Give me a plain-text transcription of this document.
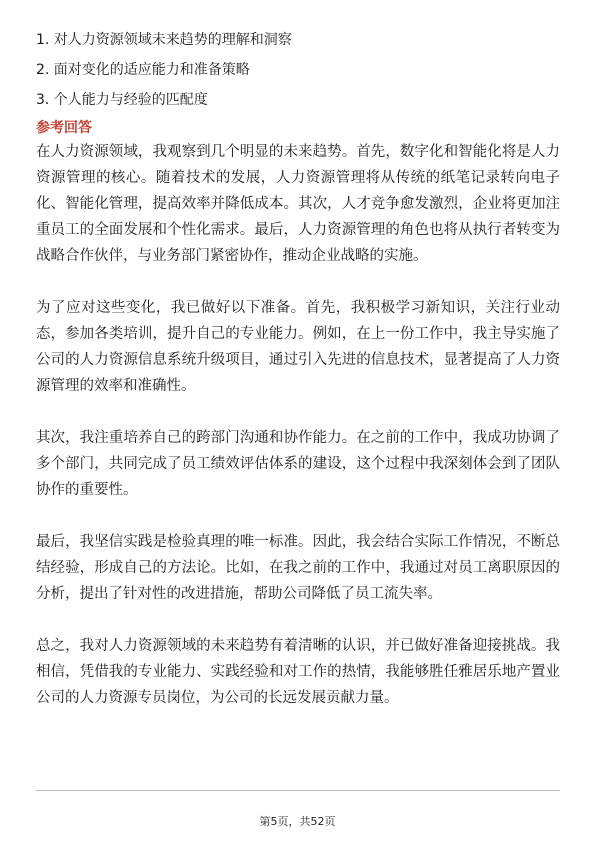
1. 对人力资源领域未来趋势的理解和洞察
2. 面对变化的适应能力和准备策略
3. 个人能力与经验的匹配度
参考回答

在人力资源领域，我观察到几个明显的未来趋势。首先，数字化和智能化将是人力资源管理的核心。随着技术的发展，人力资源管理将从传统的纸笔记录转向电子化、智能化管理，提高效率并降低成本。其次，人才竞争愈发激烈，企业将更加注重员工的全面发展和个性化需求。最后，人力资源管理的角色也将从执行者转变为战略合作伙伴，与业务部门紧密协作，推动企业战略的实施。

为了应对这些变化，我已做好以下准备。首先，我积极学习新知识，关注行业动态，参加各类培训，提升自己的专业能力。例如，在上一份工作中，我主导实施了公司的人力资源信息系统升级项目，通过引入先进的信息技术，显著提高了人力资源管理的效率和准确性。

其次，我注重培养自己的跨部门沟通和协作能力。在之前的工作中，我成功协调了多个部门，共同完成了员工绩效评估体系的建设，这个过程中我深刻体会到了团队协作的重要性。

最后，我坚信实践是检验真理的唯一标准。因此，我会结合实际工作情况，不断总结经验，形成自己的方法论。比如，在我之前的工作中，我通过对员工离职原因的分析，提出了针对性的改进措施，帮助公司降低了员工流失率。

总之，我对人力资源领域的未来趋势有着清晰的认识，并已做好准备迎接挑战。我相信，凭借我的专业能力、实践经验和对工作的热情，我能够胜任雅居乐地产置业公司的人力资源专员岗位，为公司的长远发展贡献力量。

第5页，共52页
